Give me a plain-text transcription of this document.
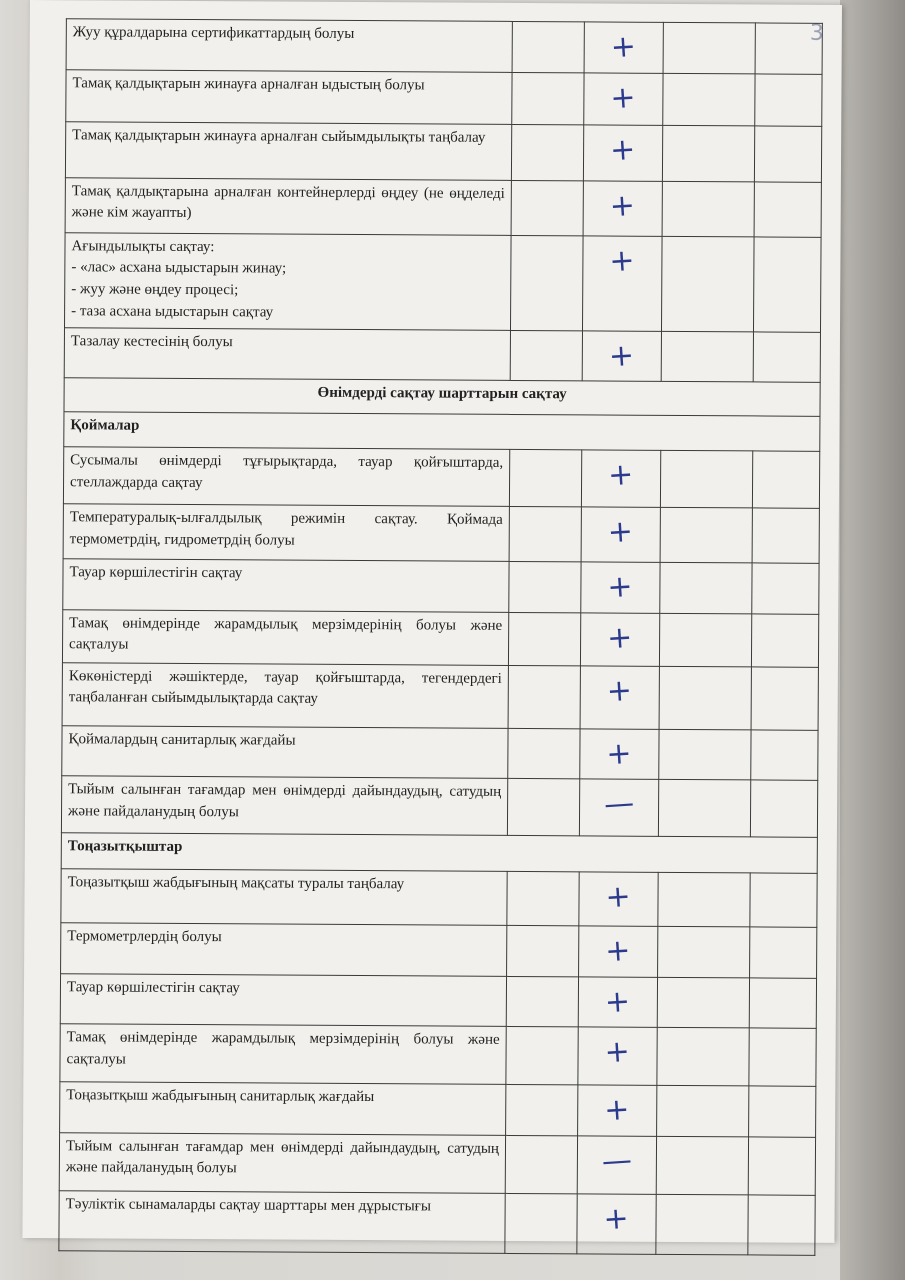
3
Жуу құралдарына сертификаттардың болуы		+		
Тамақ қалдықтарын жинауға арналған ыдыстың болуы		+		
Тамақ қалдықтарын жинауға арналған сыйымдылықты таңбалау		+		
Тамақ қалдықтарына арналған контейнерлерді өңдеу (не өңделеді және кім жауапты)		+		

Ағындылықты сақтау:
- «лас» асхана ыдыстарын жинау;
- жуу және өңдеу процесі;
- таза асхана ыдыстарын сақтау		+		
Тазалау кестесінің болуы		+		
Өнімдерді сақтау шарттарын сақтау				
Қоймалар				
Сусымалы өнімдерді тұғырықтарда, тауар қойғыштарда, стеллаждарда сақтау		+		
Температуралық-ылғалдылық режимін сақтау. Қоймада термометрдің, гидрометрдің болуы		+		
Тауар көршілестігін сақтау		+		
Тамақ өнімдерінде жарамдылық мерзімдерінің болуы және сақталуы		+		
Көкөністерді жәшіктерде, тауар қойғыштарда, тегендердегі таңбаланған сыйымдылықтарда сақтау		+		
Қоймалардың санитарлық жағдайы		+		
Тыйым салынған тағамдар мен өнімдерді дайындаудың, сатудың және пайдаланудың болуы		—		
Тоңазытқыштар				
Тоңазытқыш жабдығының мақсаты туралы таңбалау		+		
Термометрлердің болуы		+		
Тауар көршілестігін сақтау		+		
Тамақ өнімдерінде жарамдылық мерзімдерінің болуы және сақталуы		+		
Тоңазытқыш жабдығының санитарлық жағдайы		+		
Тыйым салынған тағамдар мен өнімдерді дайындаудың, сатудың және пайдаланудың болуы		—		
Тәуліктік сынамаларды сақтау шарттары мен дұрыстығы		+		
